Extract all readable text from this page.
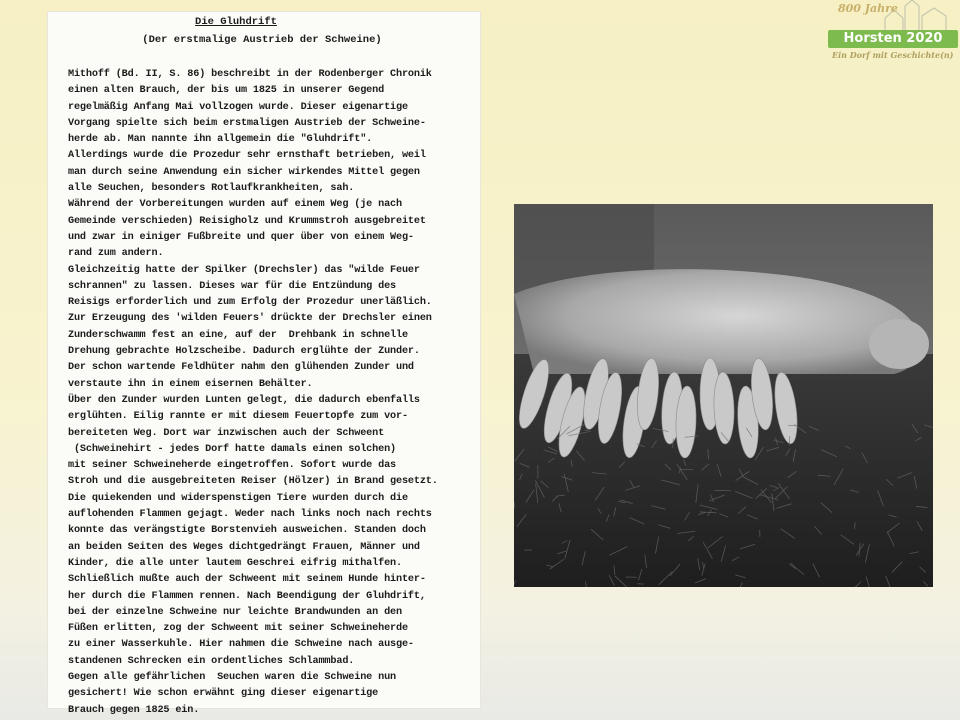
Die Gluhdrift
(Der erstmalige Austrieb der Schweine)
Mithoff (Bd. II, S. 86) beschreibt in der Rodenberger Chronik
einen alten Brauch, der bis um 1825 in unserer Gegend
regelmäßig Anfang Mai vollzogen wurde. Dieser eigenartige
Vorgang spielte sich beim erstmaligen Austrieb der Schweine-
herde ab. Man nannte ihn allgemein die "Gluhdrift".
Allerdings wurde die Prozedur sehr ernsthaft betrieben, weil
man durch seine Anwendung ein sicher wirkendes Mittel gegen
alle Seuchen, besonders Rotlaufkrankheiten, sah.
Während der Vorbereitungen wurden auf einem Weg (je nach
Gemeinde verschieden) Reisigholz und Krummstroh ausgebreitet
und zwar in einiger Fußbreite und quer über von einem Weg-
rand zum andern.
Gleichzeitig hatte der Spilker (Drechsler) das "wilde Feuer
schrannen" zu lassen. Dieses war für die Entzündung des
Reisigs erforderlich und zum Erfolg der Prozedur unerläßlich.
Zur Erzeugung des 'wilden Feuers' drückte der Drechsler einen
Zunderschwamm fest an eine, auf der  Drehbank in schnelle
Drehung gebrachte Holzscheibe. Dadurch erglühte der Zunder.
Der schon wartende Feldhüter nahm den glühenden Zunder und
verstaute ihn in einem eisernen Behälter.
Über den Zunder wurden Lunten gelegt, die dadurch ebenfalls
erglühten. Eilig rannte er mit diesem Feuertopfe zum vor-
bereiteten Weg. Dort war inzwischen auch der Schweent
(Schweinehirt - jedes Dorf hatte damals einen solchen)
mit seiner Schweineherde eingetroffen. Sofort wurde das
Stroh und die ausgebreiteten Reiser (Hölzer) in Brand gesetzt.
Die quiekenden und widerspenstigen Tiere wurden durch die
auflohenden Flammen gejagt. Weder nach links noch nach rechts
konnte das verängstigte Borstenvieh ausweichen. Standen doch
an beiden Seiten des Weges dichtgedrängt Frauen, Männer und
Kinder, die alle unter lautem Geschrei eifrig mithalfen.
Schließlich mußte auch der Schweent mit seinem Hunde hinter-
her durch die Flammen rennen. Nach Beendigung der Gluhdrift,
bei der einzelne Schweine nur leichte Brandwunden an den
Füßen erlitten, zog der Schweent mit seiner Schweineherde
zu einer Wasserkuhle. Hier nahmen die Schweine nach ausge-
standenen Schrecken ein ordentliches Schlammbad.
Gegen alle gefährlichen  Seuchen waren die Schweine nun
gesichert! Wie schon erwähnt ging dieser eigenartige
Brauch gegen 1825 ein.
800 Jahre
Horsten 2020
Ein Dorf mit Geschichte(n)
